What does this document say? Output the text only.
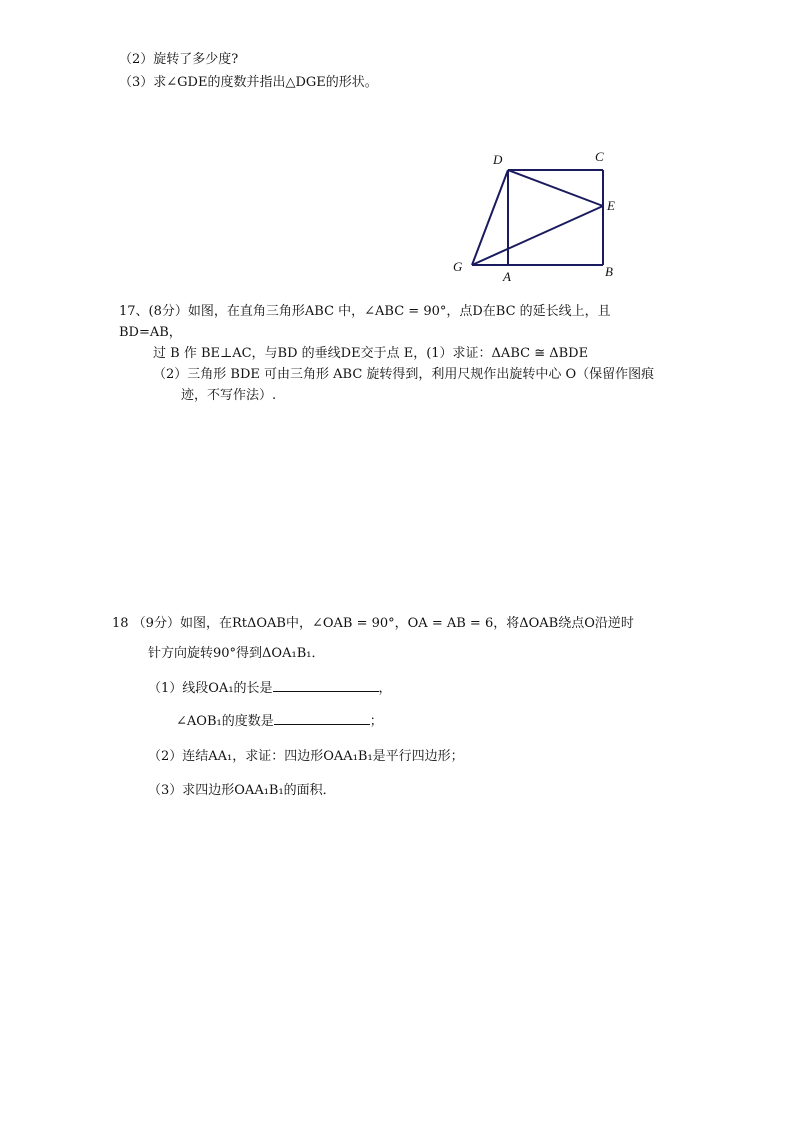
（2）旋转了多少度?
（3）求∠GDE的度数并指出△DGE的形状。
D	C
E
G
A	B
17、(8分）如图，在直角三角形ABC 中，∠ABC = 90°，点D在BC 的延长线上，且
BD=AB，
过 B 作 BE⊥AC，与BD 的垂线DE交于点 E，(1）求证：ΔABC ≅ ΔBDE
（2）三角形 BDE 可由三角形 ABC 旋转得到，利用尺规作出旋转中心 O（保留作图痕
迹，不写作法）.
18 （9分）如图，在RtΔOAB中，∠OAB = 90°，OA = AB = 6，将ΔOAB绕点O沿逆时
针方向旋转90°得到ΔOA₁B₁．
（1）线段OA₁的长是	，
∠AOB₁的度数是	；
（2）连结AA₁，求证：四边形OAA₁B₁是平行四边形；
（3）求四边形OAA₁B₁的面积．
